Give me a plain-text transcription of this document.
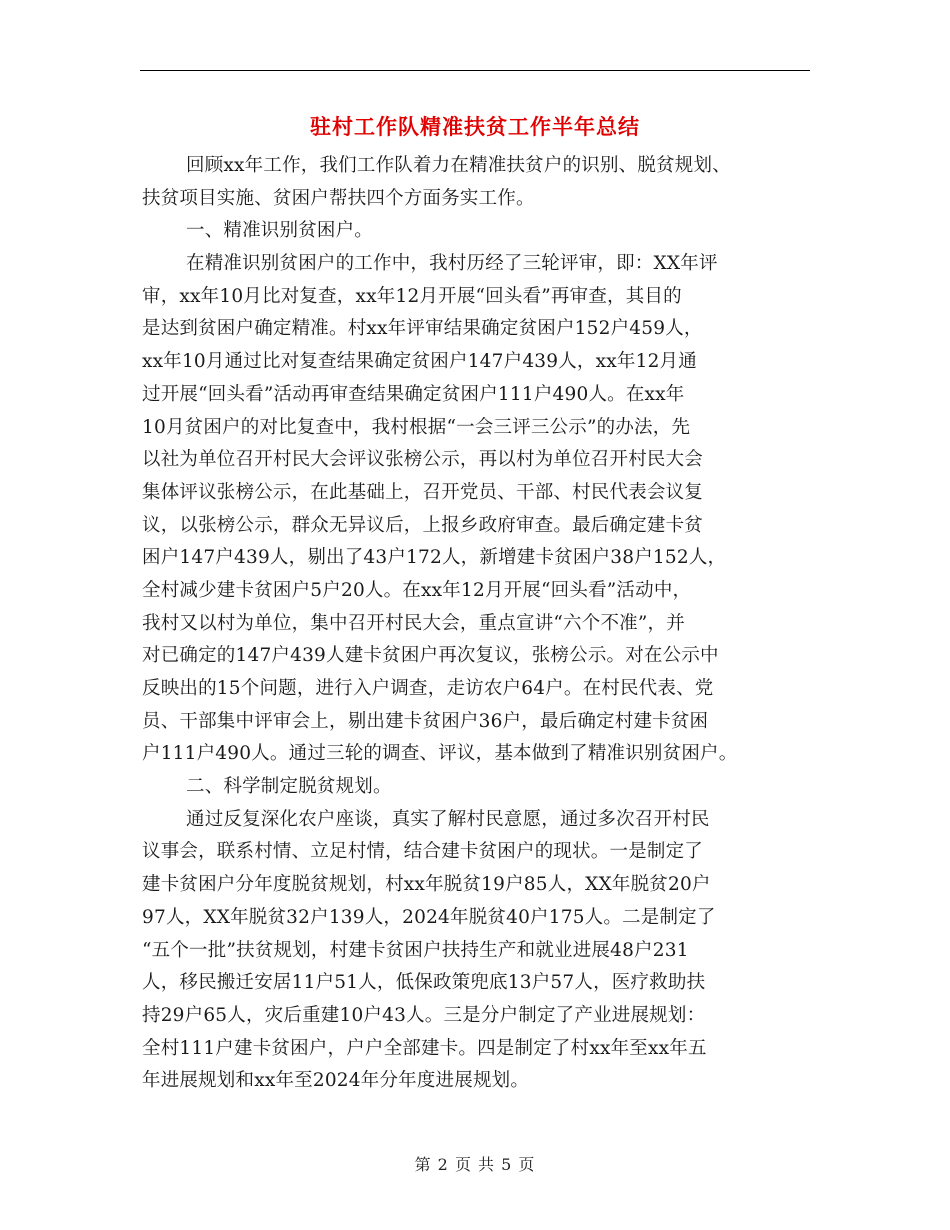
驻村工作队精准扶贫工作半年总结
回顾xx年工作，我们工作队着力在精准扶贫户的识别、脱贫规划、
扶贫项目实施、贫困户帮扶四个方面务实工作。
一、精准识别贫困户。
在精准识别贫困户的工作中，我村历经了三轮评审，即：XX年评
审，xx年10月比对复查，xx年12月开展“回头看”再审查，其目的
是达到贫困户确定精准。村xx年评审结果确定贫困户152户459人，
xx年10月通过比对复查结果确定贫困户147户439人，xx年12月通
过开展“回头看”活动再审查结果确定贫困户111户490人。在xx年
10月贫困户的对比复查中，我村根据“一会三评三公示”的办法，先
以社为单位召开村民大会评议张榜公示，再以村为单位召开村民大会
集体评议张榜公示，在此基础上，召开党员、干部、村民代表会议复
议，以张榜公示，群众无异议后，上报乡政府审查。最后确定建卡贫
困户147户439人，剔出了43户172人，新增建卡贫困户38户152人，
全村减少建卡贫困户5户20人。在xx年12月开展“回头看”活动中，
我村又以村为单位，集中召开村民大会，重点宣讲“六个不准”，并
对已确定的147户439人建卡贫困户再次复议，张榜公示。对在公示中
反映出的15个问题，进行入户调查，走访农户64户。在村民代表、党
员、干部集中评审会上，剔出建卡贫困户36户，最后确定村建卡贫困
户111户490人。通过三轮的调查、评议，基本做到了精准识别贫困户。
二、科学制定脱贫规划。
通过反复深化农户座谈，真实了解村民意愿，通过多次召开村民
议事会，联系村情、立足村情，结合建卡贫困户的现状。一是制定了
建卡贫困户分年度脱贫规划，村xx年脱贫19户85人，XX年脱贫20户
97人，XX年脱贫32户139人，2024年脱贫40户175人。二是制定了
“五个一批”扶贫规划，村建卡贫困户扶持生产和就业进展48户231
人，移民搬迁安居11户51人，低保政策兜底13户57人，医疗救助扶
持29户65人，灾后重建10户43人。三是分户制定了产业进展规划：
全村111户建卡贫困户，户户全部建卡。四是制定了村xx年至xx年五
年进展规划和xx年至2024年分年度进展规划。
第 2 页 共 5 页
